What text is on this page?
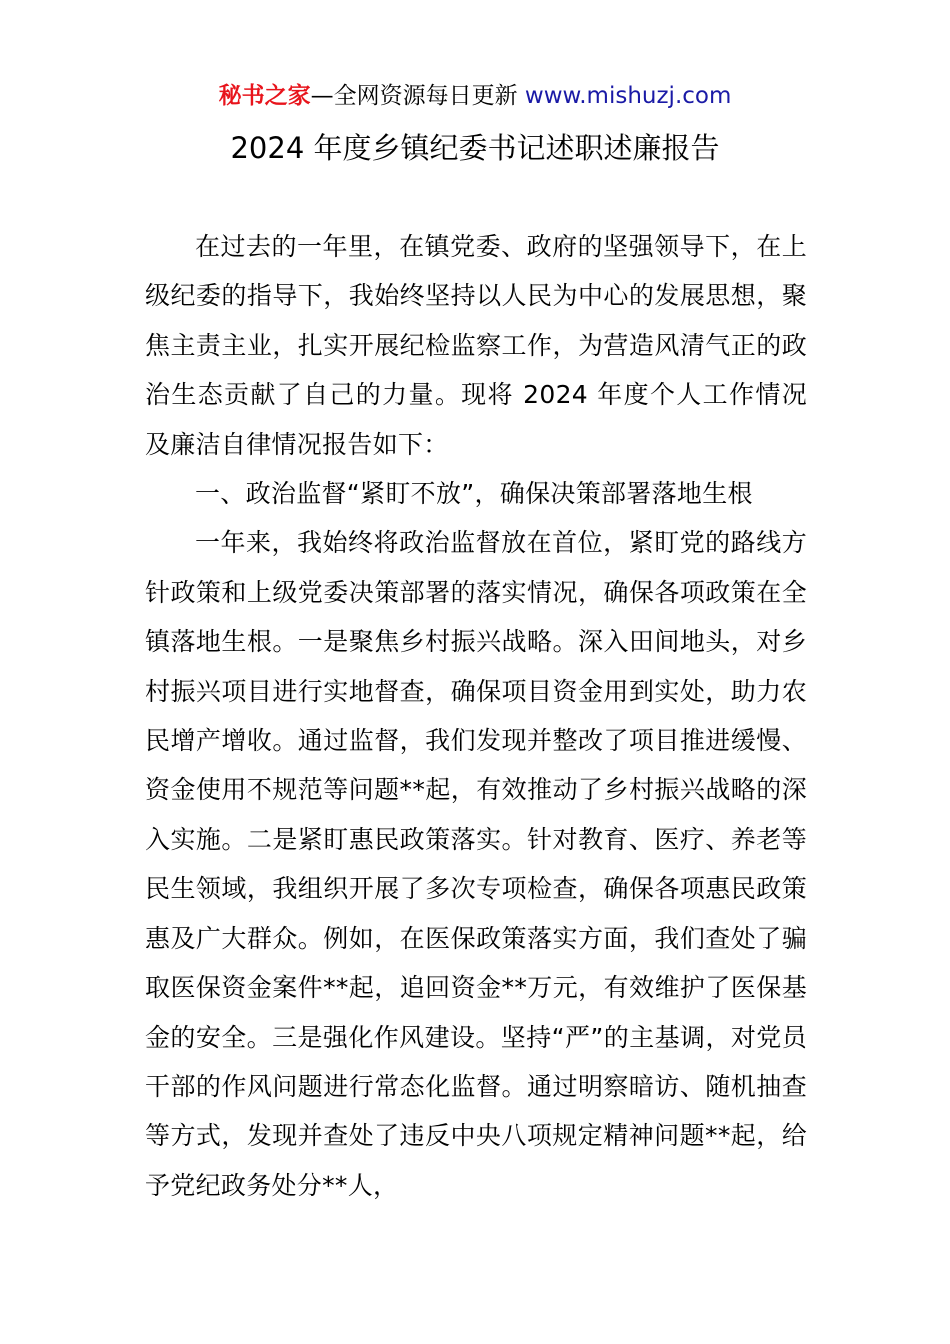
秘书之家—全网资源每日更新 www.mishuzj.com
2024 年度乡镇纪委书记述职述廉报告

在过去的一年里，在镇党委、政府的坚强领导下，在上级纪委的指导下，我始终坚持以人民为中心的发展思想，聚焦主责主业，扎实开展纪检监察工作，为营造风清气正的政治生态贡献了自己的力量。现将 2024 年度个人工作情况及廉洁自律情况报告如下：

一、政治监督“紧盯不放”，确保决策部署落地生根

一年来，我始终将政治监督放在首位，紧盯党的路线方针政策和上级党委决策部署的落实情况，确保各项政策在全镇落地生根。一是聚焦乡村振兴战略。深入田间地头，对乡村振兴项目进行实地督查，确保项目资金用到实处，助力农民增产增收。通过监督，我们发现并整改了项目推进缓慢、资金使用不规范等问题**起，有效推动了乡村振兴战略的深入实施。二是紧盯惠民政策落实。针对教育、医疗、养老等民生领域，我组织开展了多次专项检查，确保各项惠民政策惠及广大群众。例如，在医保政策落实方面，我们查处了骗取医保资金案件**起，追回资金**万元，有效维护了医保基金的安全。三是强化作风建设。坚持“严”的主基调，对党员干部的作风问题进行常态化监督。通过明察暗访、随机抽查等方式，发现并查处了违反中央八项规定精神问题**起，给予党纪政务处分**人，
